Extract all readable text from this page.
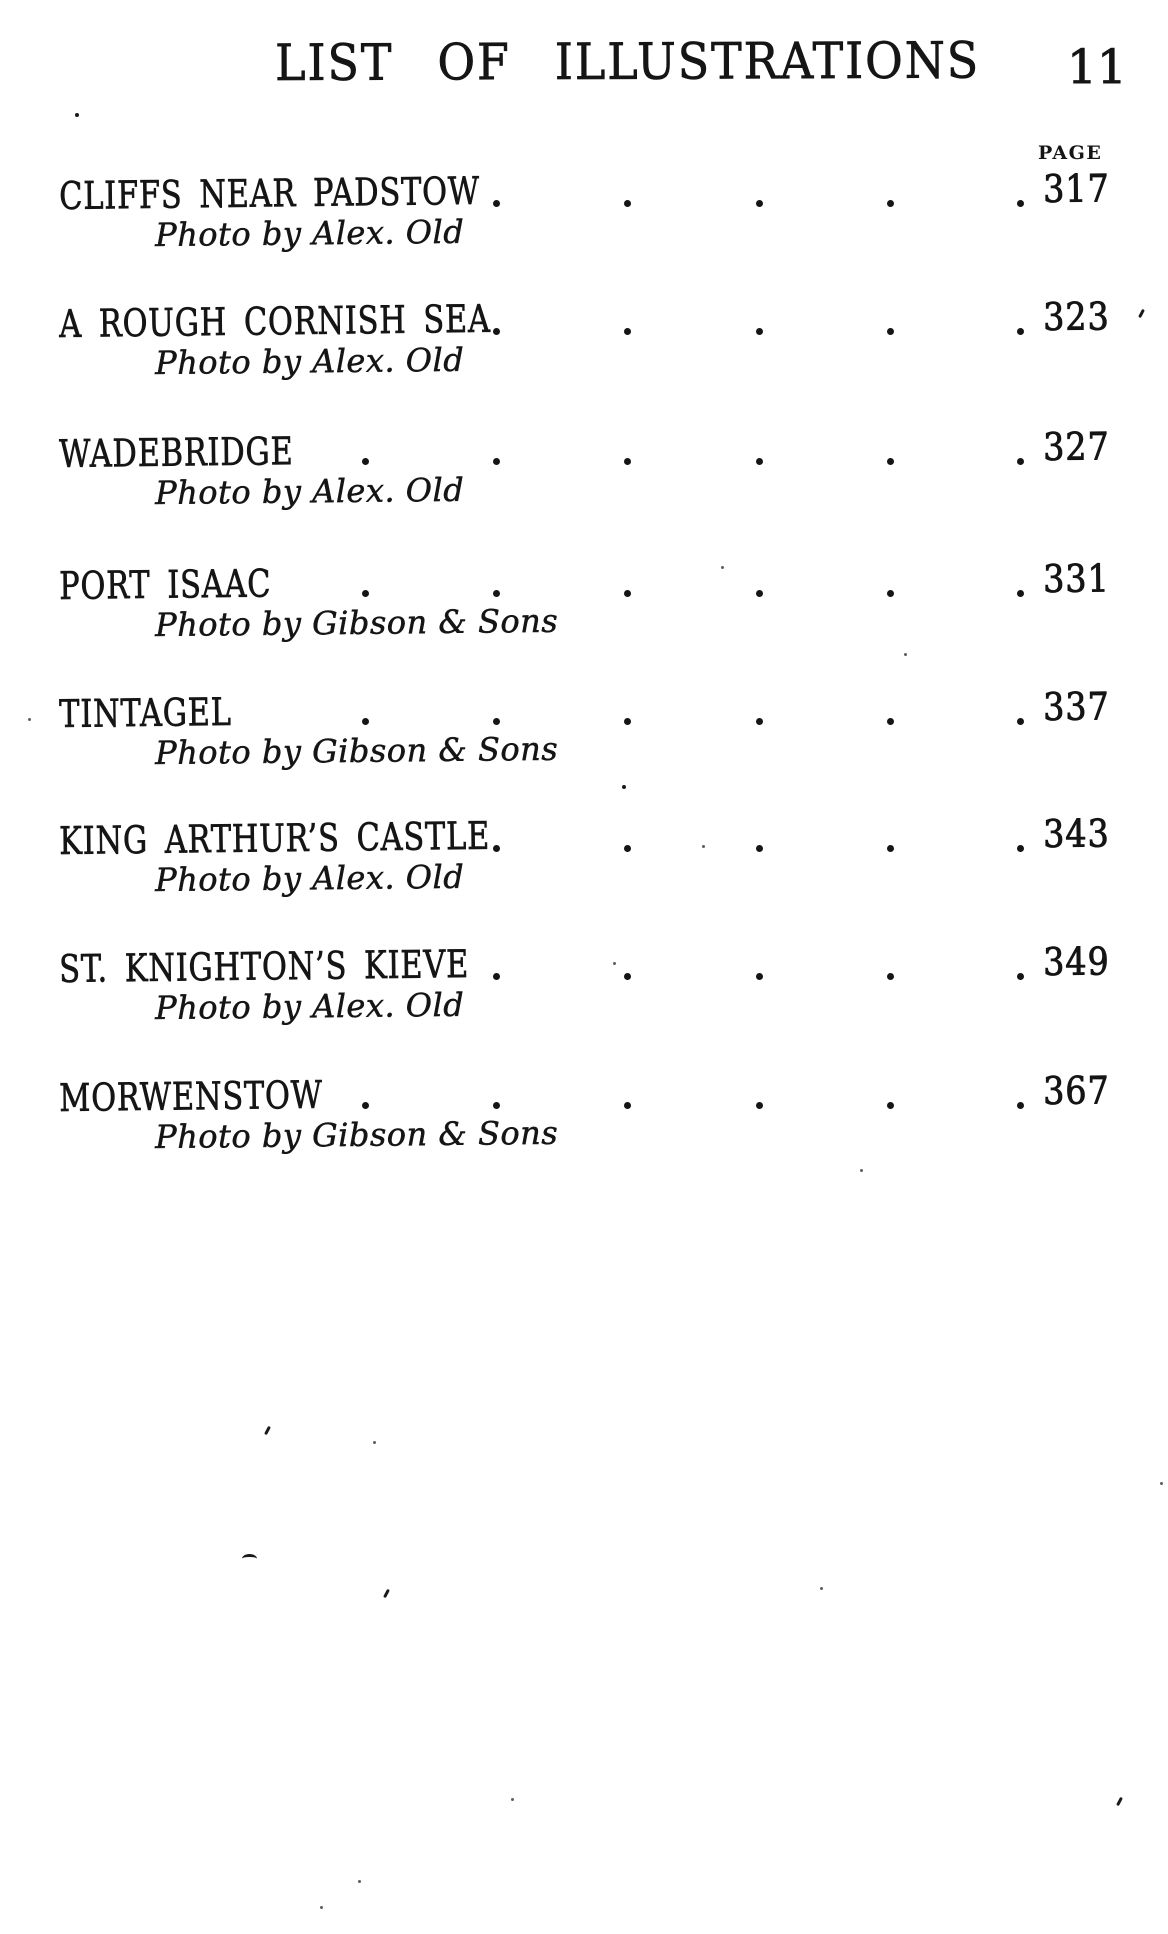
LIST OF ILLUSTRATIONS 11
PAGE
CLIFFS NEAR PADSTOW	317
Photo by Alex. Old
A ROUGH CORNISH SEA	323
Photo by Alex. Old
WADEBRIDGE	327
Photo by Alex. Old
PORT ISAAC	331
Photo by Gibson & Sons
TINTAGEL	337
Photo by Gibson & Sons
KING ARTHUR’S CASTLE	343
Photo by Alex. Old
ST. KNIGHTON’S KIEVE	349
Photo by Alex. Old
MORWENSTOW	367
Photo by Gibson & Sons
